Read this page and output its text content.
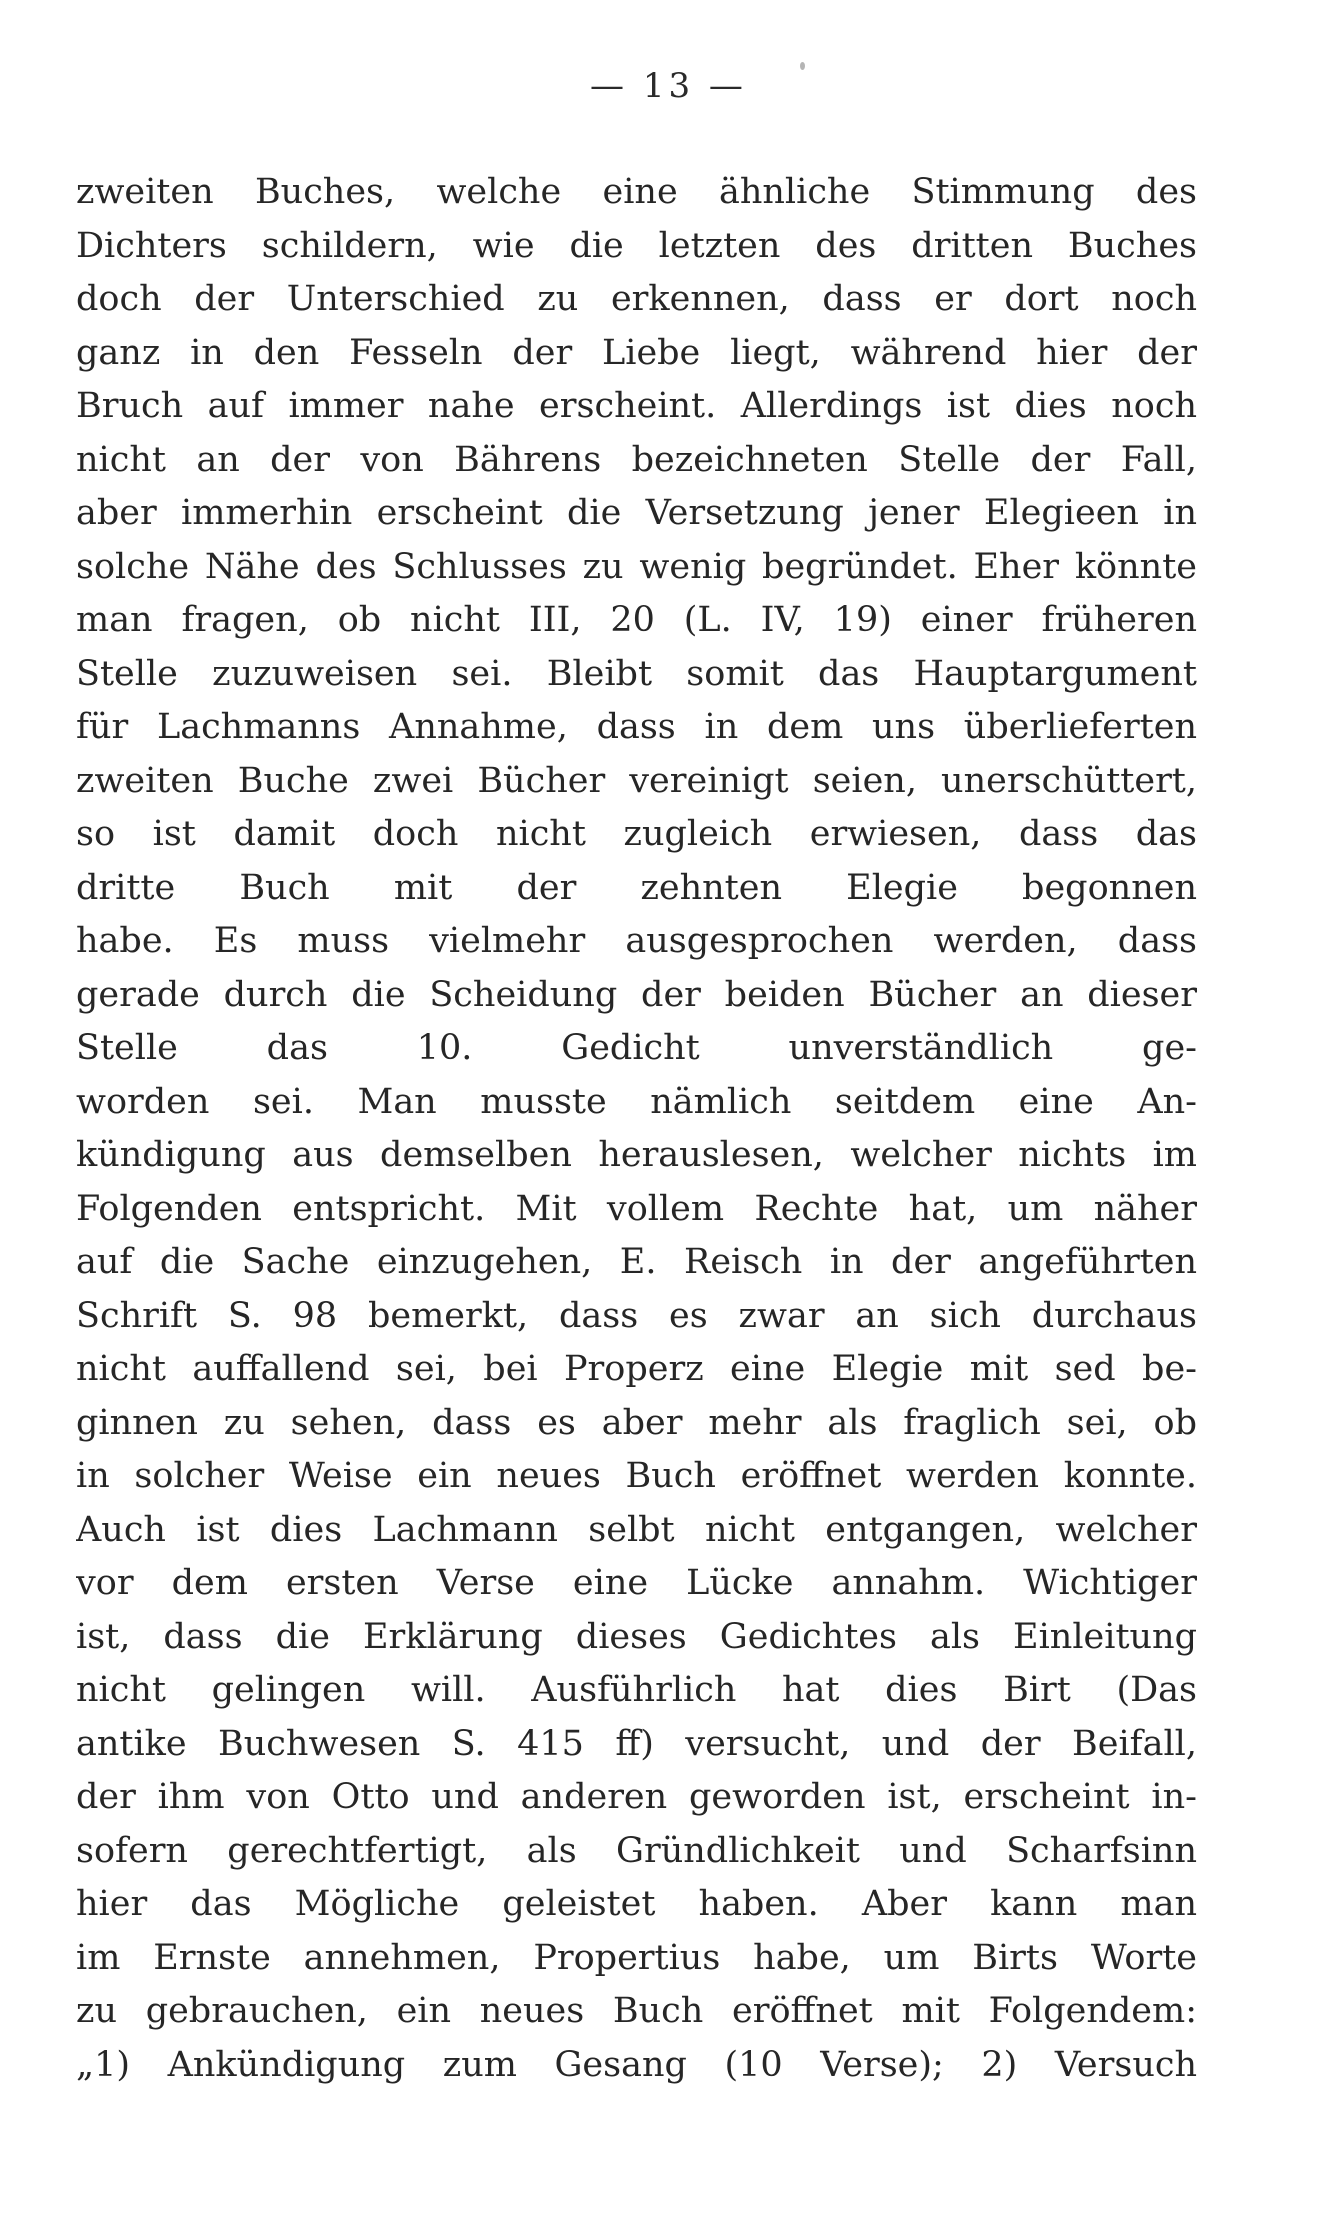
— 13 —
zweiten Buches, welche eine ähnliche Stimmung des
Dichters schildern, wie die letzten des dritten Buches
doch der Unterschied zu erkennen, dass er dort noch
ganz in den Fesseln der Liebe liegt, während hier der
Bruch auf immer nahe erscheint. Allerdings ist dies noch
nicht an der von Bährens bezeichneten Stelle der Fall,
aber immerhin erscheint die Versetzung jener Elegieen in
solche Nähe des Schlusses zu wenig begründet. Eher könnte
man fragen, ob nicht III, 20 (L. IV, 19) einer früheren
Stelle zuzuweisen sei. Bleibt somit das Hauptargument
für Lachmanns Annahme, dass in dem uns überlieferten
zweiten Buche zwei Bücher vereinigt seien, unerschüttert,
so ist damit doch nicht zugleich erwiesen, dass das
dritte Buch mit der zehnten Elegie begonnen
habe. Es muss vielmehr ausgesprochen werden, dass
gerade durch die Scheidung der beiden Bücher an dieser
Stelle das 10. Gedicht unverständlich ge-
worden sei. Man musste nämlich seitdem eine An-
kündigung aus demselben herauslesen, welcher nichts im
Folgenden entspricht. Mit vollem Rechte hat, um näher
auf die Sache einzugehen, E. Reisch in der angeführten
Schrift S. 98 bemerkt, dass es zwar an sich durchaus
nicht auffallend sei, bei Properz eine Elegie mit sed be-
ginnen zu sehen, dass es aber mehr als fraglich sei, ob
in solcher Weise ein neues Buch eröffnet werden konnte.
Auch ist dies Lachmann selbt nicht entgangen, welcher
vor dem ersten Verse eine Lücke annahm. Wichtiger
ist, dass die Erklärung dieses Gedichtes als Einleitung
nicht gelingen will. Ausführlich hat dies Birt (Das
antike Buchwesen S. 415 ff) versucht, und der Beifall,
der ihm von Otto und anderen geworden ist, erscheint in-
sofern gerechtfertigt, als Gründlichkeit und Scharfsinn
hier das Mögliche geleistet haben. Aber kann man
im Ernste annehmen, Propertius habe, um Birts Worte
zu gebrauchen, ein neues Buch eröffnet mit Folgendem:
„1) Ankündigung zum Gesang (10 Verse); 2) Versuch
